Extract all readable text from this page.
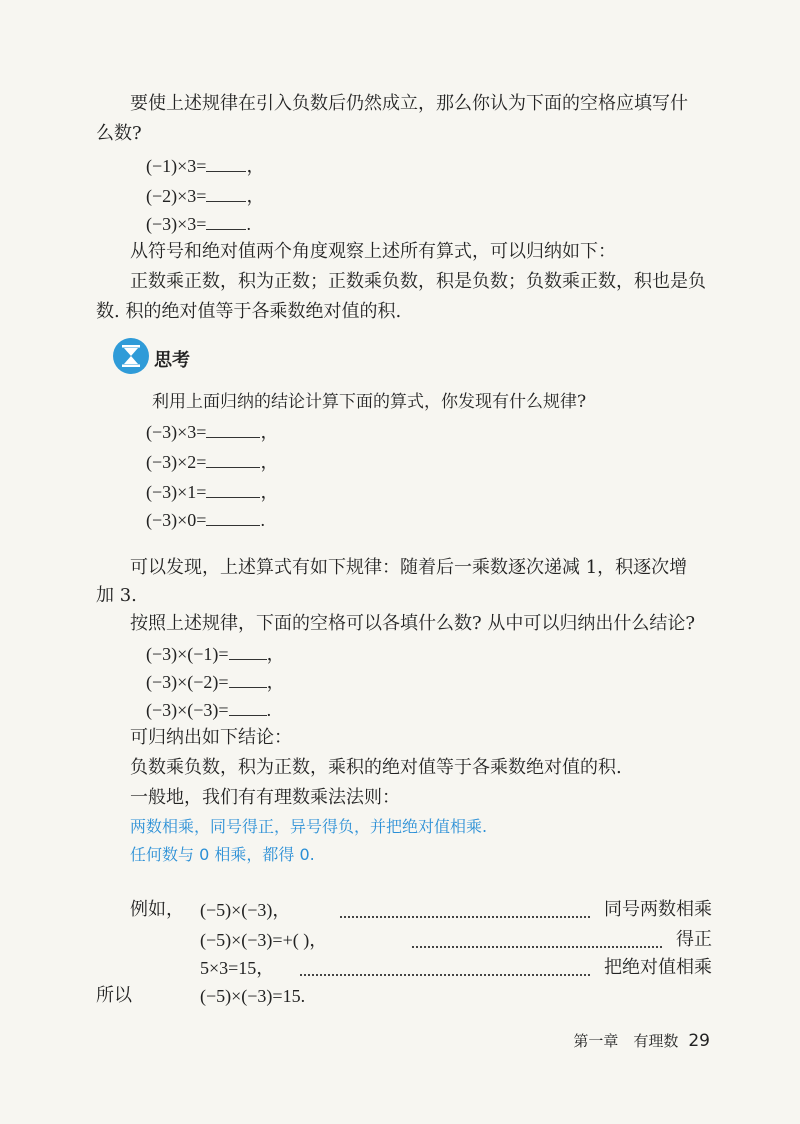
要使上述规律在引入负数后仍然成立，那么你认为下面的空格应填写什
么数?
(−1)×3= ，
(−2)×3= ，
(−3)×3= .
从符号和绝对值两个角度观察上述所有算式，可以归纳如下：
正数乘正数，积为正数；正数乘负数，积是负数；负数乘正数，积也是负
数. 积的绝对值等于各乘数绝对值的积.
思考
利用上面归纳的结论计算下面的算式，你发现有什么规律?
(−3)×3=	，
(−3)×2=	，
(−3)×1=	，
(−3)×0=	.
可以发现，上述算式有如下规律：随着后一乘数逐次递减 1，积逐次增
加 3.
按照上述规律，下面的空格可以各填什么数? 从中可以归纳出什么结论?
(−3)×(−1)= ，
(−3)×(−2)= ，
(−3)×(−3)= .
可归纳出如下结论：
负数乘负数，积为正数，乘积的绝对值等于各乘数绝对值的积.
一般地，我们有有理数乘法法则：
两数相乘，同号得正，异号得负，并把绝对值相乘.
任何数与 0 相乘，都得 0.
例如， (−5)×(−3)，	同号两数相乘
(−5)×(−3)=+( )，	得正
5×3=15，	把绝对值相乘
所以	(−5)×(−3)=15.
第一章　有理数 29
